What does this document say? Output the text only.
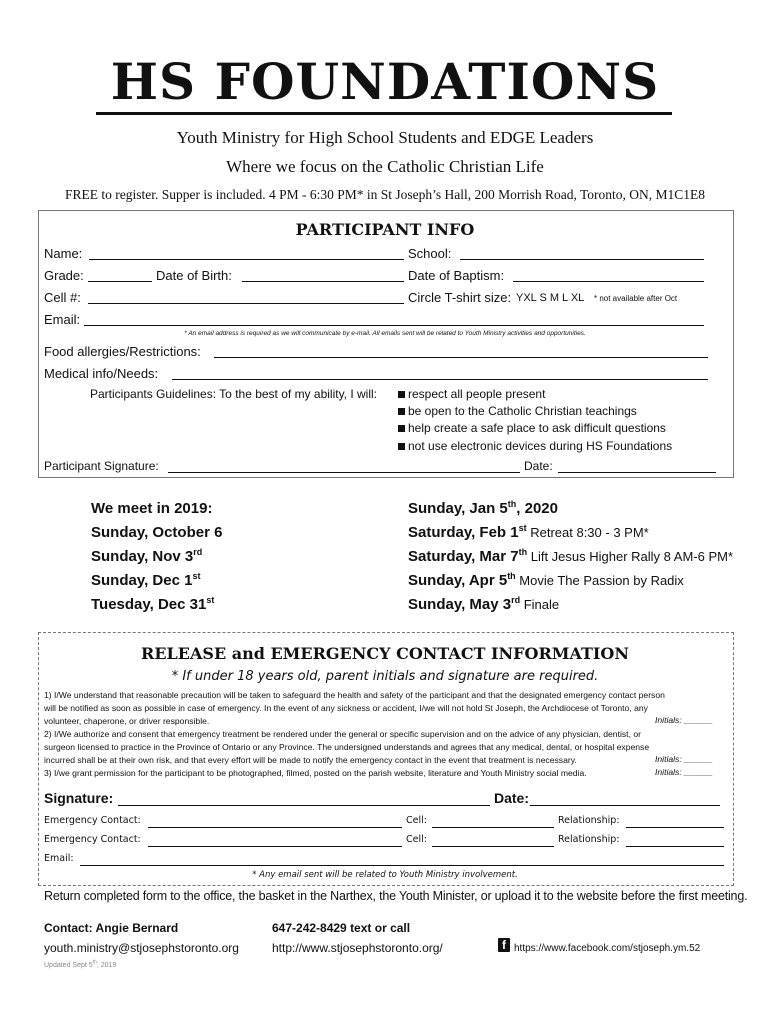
HS FOUNDATIONS
Youth Ministry for High School Students and EDGE Leaders
Where we focus on the Catholic Christian Life
FREE to register. Supper is included. 4 PM - 6:30 PM* in St Joseph’s Hall, 200 Morrish Road, Toronto, ON, M1C1E8
PARTICIPANT INFO
Name:	School:
Grade:	Date of Birth:	Date of Baptism:
Cell #:	Circle T-shirt size: YXL S M L XL * not available after Oct
Email:
* An email address is required as we will communicate by e-mail. All emails sent will be related to Youth Ministry activities and opportunities.
Food allergies/Restrictions:
Medical info/Needs:
Participants Guidelines: To the best of my ability, I will:	respect all people present
be open to the Catholic Christian teachings
help create a safe place to ask difficult questions
not use electronic devices during HS Foundations
Participant Signature:	Date:
We meet in 2019:
Sunday, October 6
Sunday, Nov 3rd
Sunday, Dec 1st
Tuesday, Dec 31st
Sunday, Jan 5th, 2020
Saturday, Feb 1st Retreat 8:30 - 3 PM*
Saturday, Mar 7th Lift Jesus Higher Rally 8 AM-6 PM*
Sunday, Apr 5th Movie The Passion by Radix
Sunday, May 3rd Finale
RELEASE and EMERGENCY CONTACT INFORMATION
* If under 18 years old, parent initials and signature are required.
1) I/We understand that reasonable precaution will be taken to safeguard the health and safety of the participant and that the designated emergency contact person
will be notified as soon as possible in case of emergency. In the event of any sickness or accident, I/we will not hold St Joseph, the Archdiocese of Toronto, any
volunteer, chaperone, or driver responsible.	Initials: ______
2) I/We authorize and consent that emergency treatment be rendered under the general or specific supervision and on the advice of any physician, dentist, or
surgeon licensed to practice in the Province of Ontario or any Province. The undersigned understands and agrees that any medical, dental, or hospital expense
incurred shall be at their own risk, and that every effort will be made to notify the emergency contact in the event that treatment is necessary.	Initials: ______
3) I/we grant permission for the participant to be photographed, filmed, posted on the parish website, literature and Youth Ministry social media.	Initials: ______
Signature:	Date:
Emergency Contact:	Cell:	Relationship:
Emergency Contact:	Cell:	Relationship:
Email:
* Any email sent will be related to Youth Ministry involvement.
Return completed form to the office, the basket in the Narthex, the Youth Minister, or upload it to the website before the first meeting.
Contact: Angie Bernard	647-242-8429 text or call
youth.ministry@stjosephstoronto.org	http://www.stjosephstoronto.org/	f https://www.facebook.com/stjoseph.ym.52
Updated Sept 5th, 2019
